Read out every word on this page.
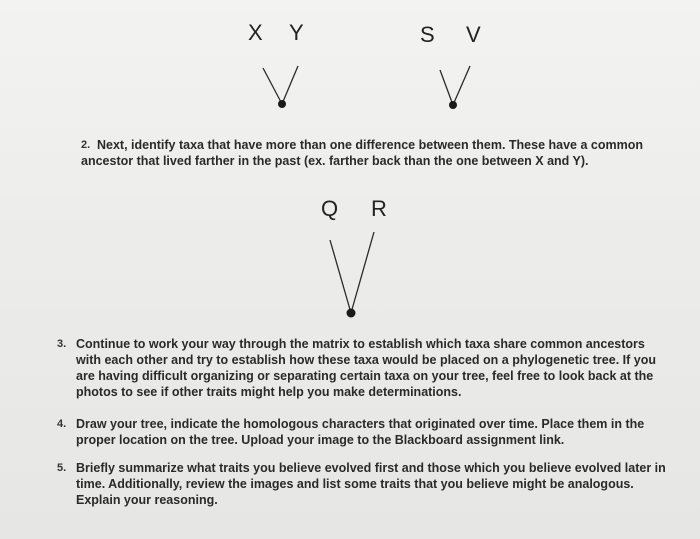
X Y	S V
Q R
2. Next, identify taxa that have more than one difference between them. These have a common
ancestor that lived farther in the past (ex. farther back than the one between X and Y).
3. Continue to work your way through the matrix to establish which taxa share common ancestors
with each other and try to establish how these taxa would be placed on a phylogenetic tree. If you
are having difficult organizing or separating certain taxa on your tree, feel free to look back at the
photos to see if other traits might help you make determinations.
4. Draw your tree, indicate the homologous characters that originated over time. Place them in the
proper location on the tree. Upload your image to the Blackboard assignment link.
5. Briefly summarize what traits you believe evolved first and those which you believe evolved later in
time. Additionally, review the images and list some traits that you believe might be analogous.
Explain your reasoning.
